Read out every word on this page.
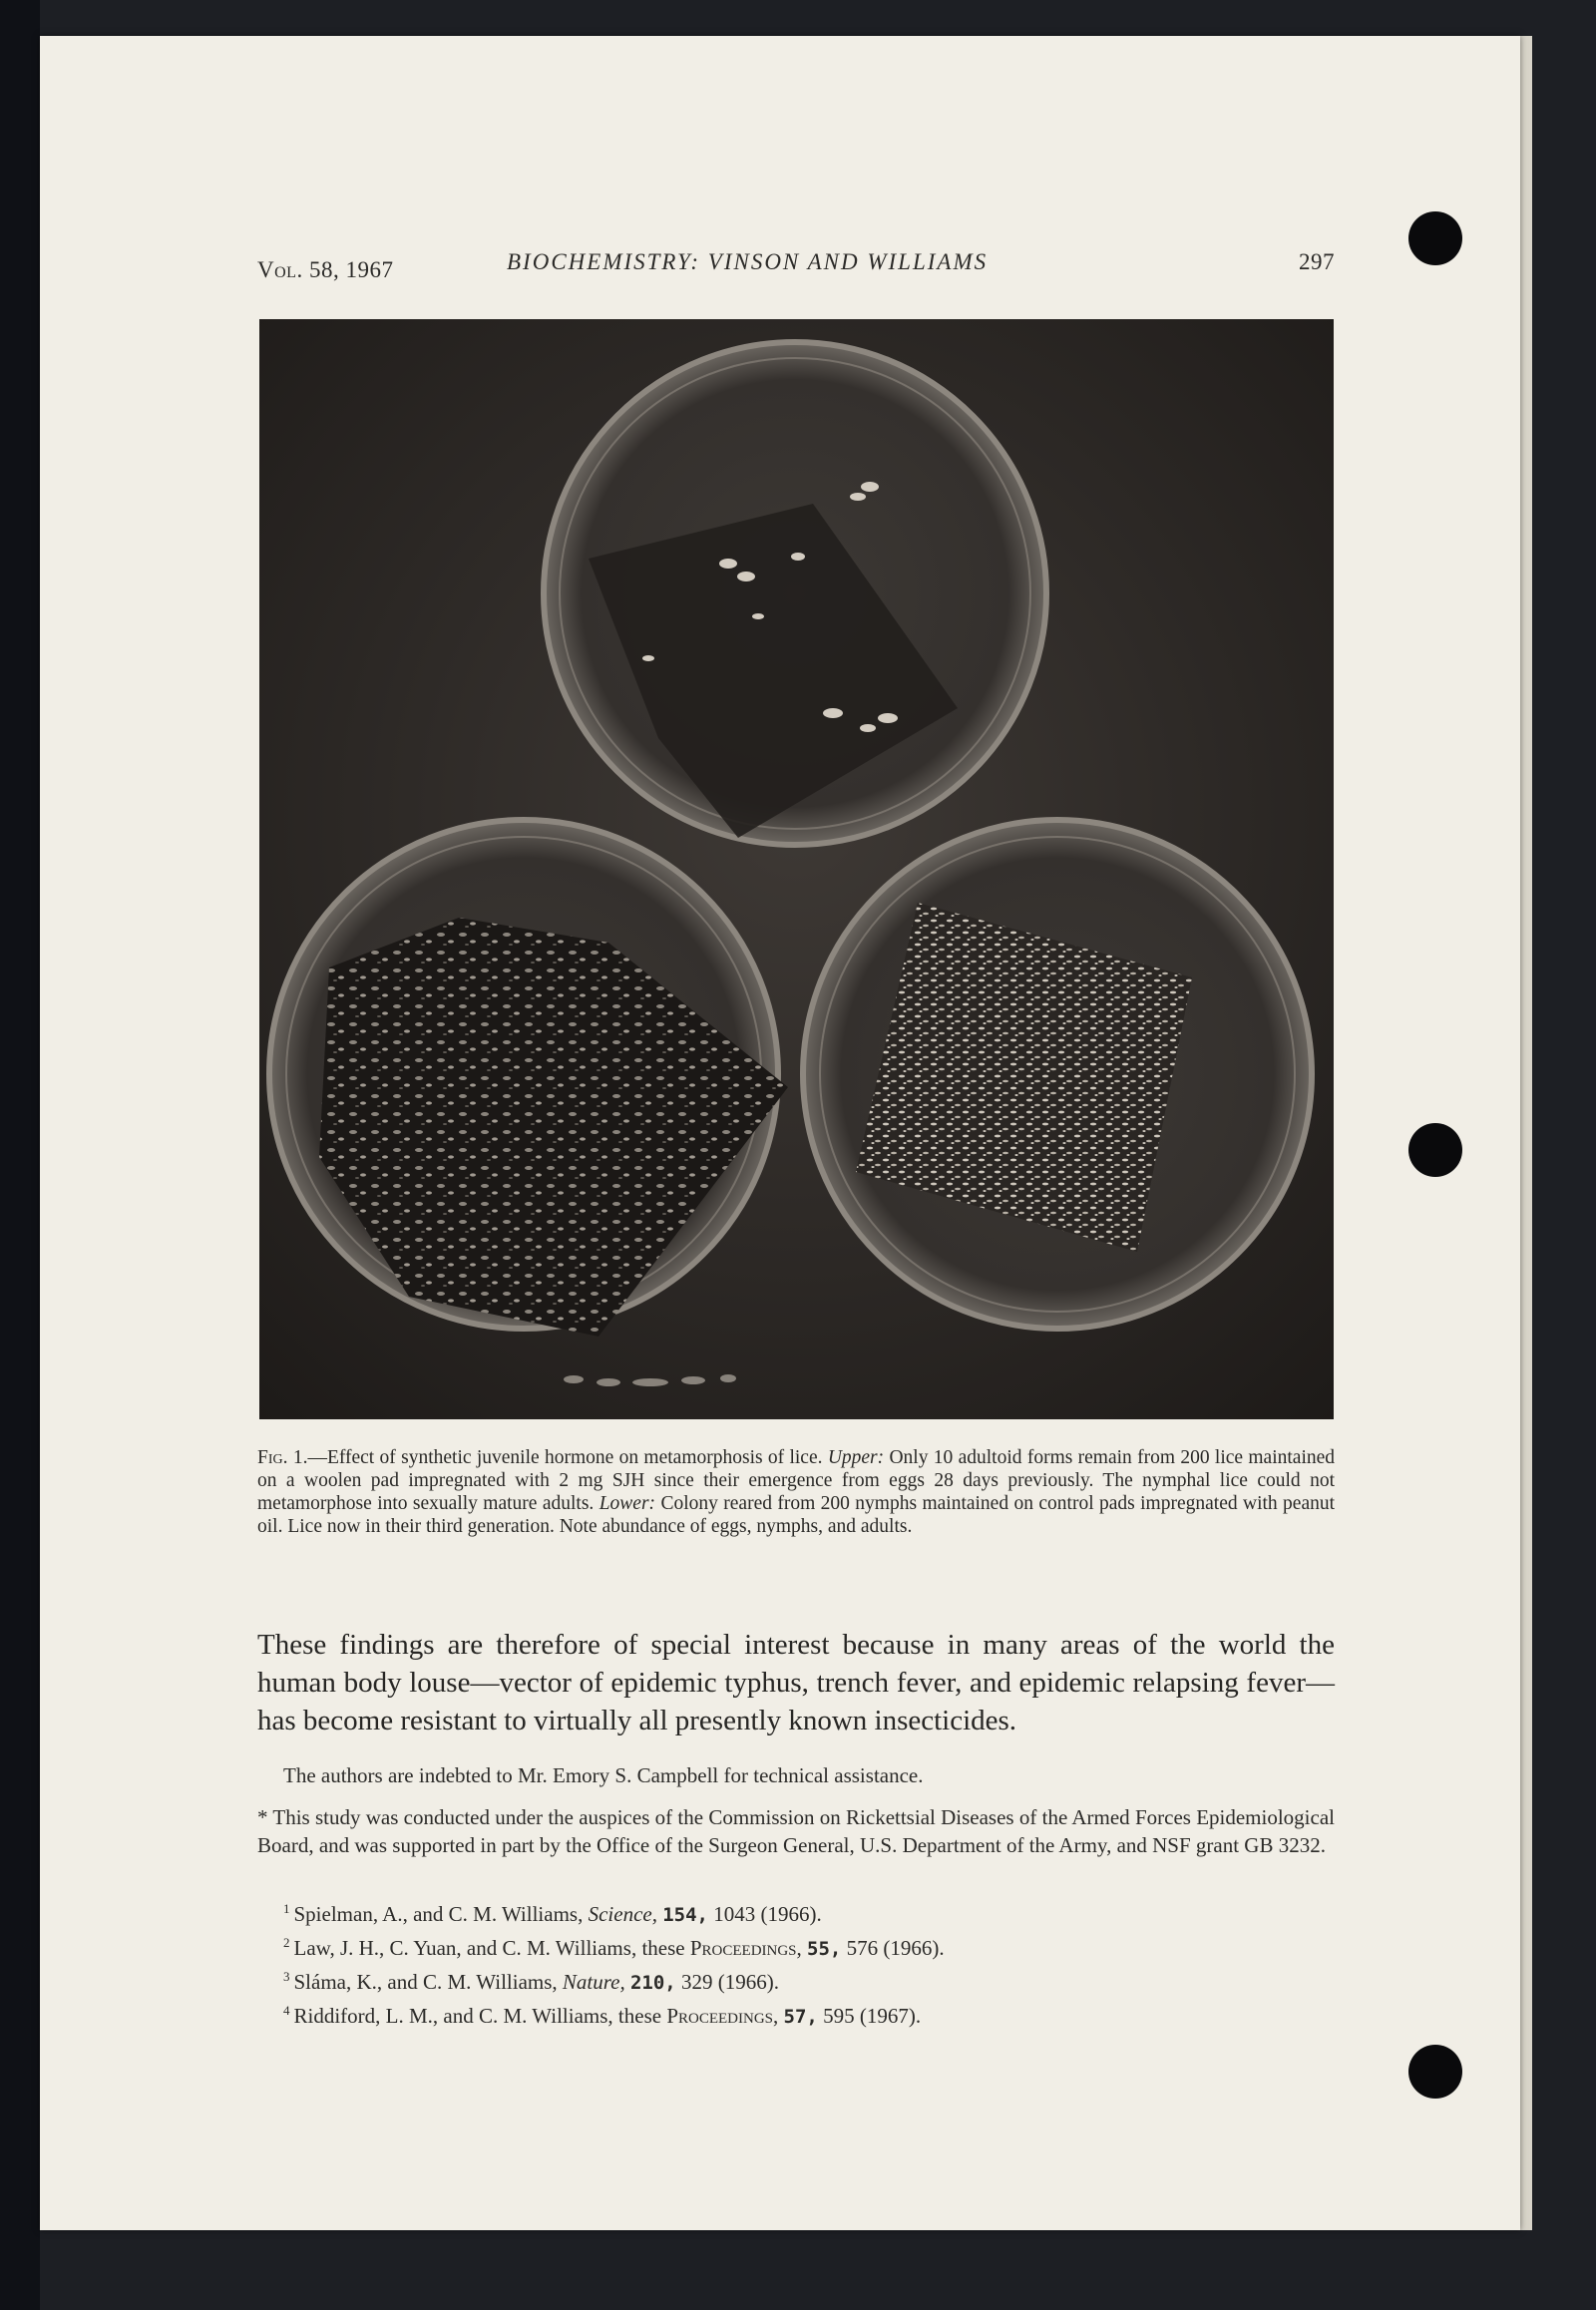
Vol. 58, 1967	BIOCHEMISTRY: VINSON AND WILLIAMS	297
Fig. 1.—Effect of synthetic juvenile hormone on metamorphosis of lice. Upper: Only 10 adultoid forms remain from 200 lice maintained on a woolen pad impregnated with 2 mg SJH since their emergence from eggs 28 days previously. The nymphal lice could not metamorphose into sexually mature adults. Lower: Colony reared from 200 nymphs maintained on control pads impregnated with peanut oil. Lice now in their third generation. Note abundance of eggs, nymphs, and adults.
These findings are therefore of special interest because in many areas of the world the human body louse—vector of epidemic typhus, trench fever, and epidemic relapsing fever—has become resistant to virtually all presently known insecticides.
The authors are indebted to Mr. Emory S. Campbell for technical assistance.
* This study was conducted under the auspices of the Commission on Rickettsial Diseases of the Armed Forces Epidemiological Board, and was supported in part by the Office of the Surgeon General, U.S. Department of the Army, and NSF grant GB 3232.
$^1$ Spielman, A., and C. M. Williams, Science, 154, 1043 (1966).
$^2$ Law, J. H., C. Yuan, and C. M. Williams, these Proceedings, 55, 576 (1966).
$^3$ Sláma, K., and C. M. Williams, Nature, 210, 329 (1966).
$^4$ Riddiford, L. M., and C. M. Williams, these Proceedings, 57, 595 (1967).
